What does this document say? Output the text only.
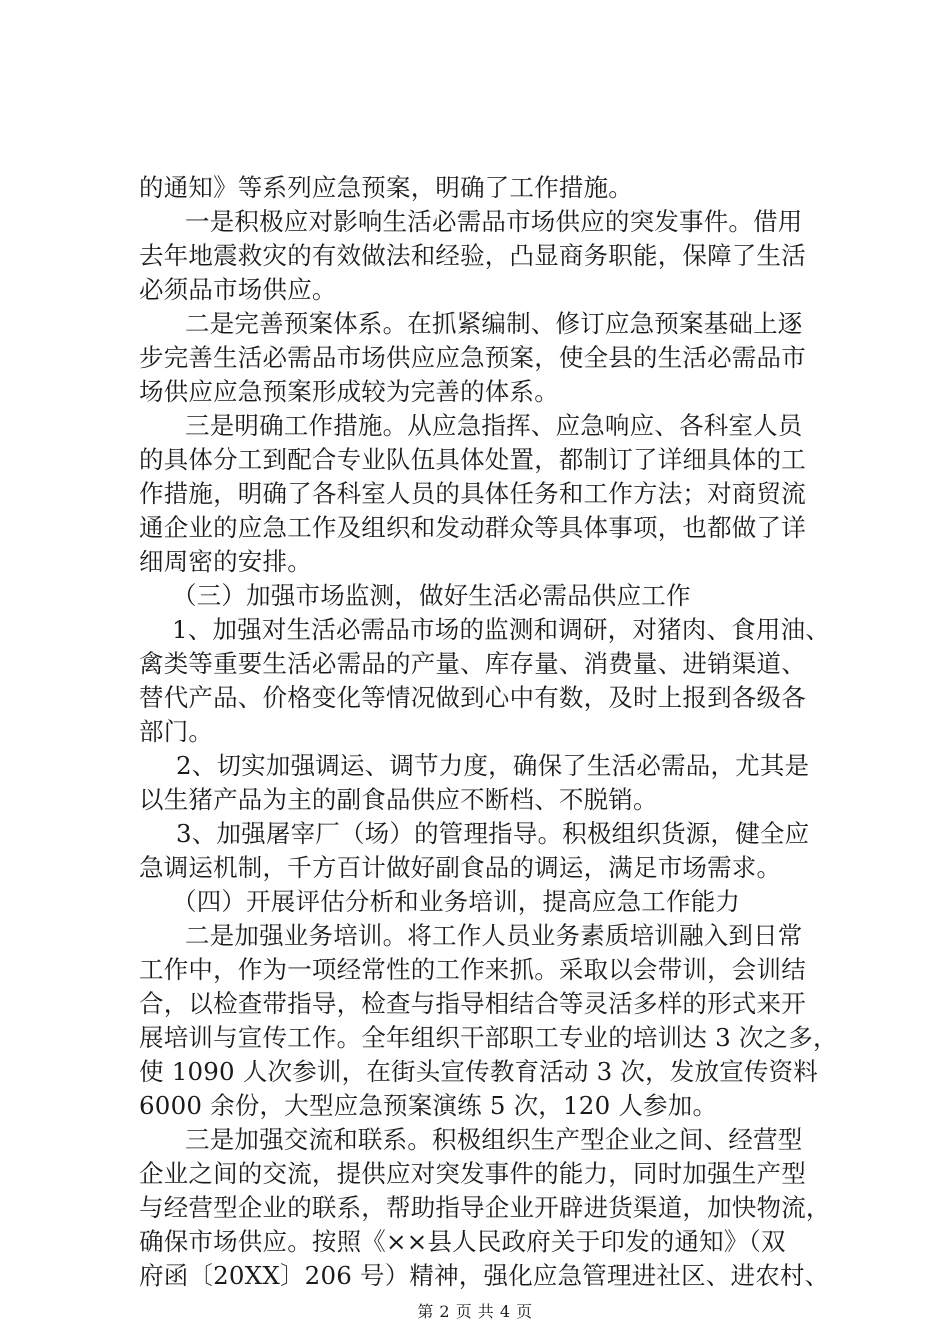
的通知》等系列应急预案，明确了工作措施。
一是积极应对影响生活必需品市场供应的突发事件。借用
去年地震救灾的有效做法和经验，凸显商务职能，保障了生活
必须品市场供应。
二是完善预案体系。在抓紧编制、修订应急预案基础上逐
步完善生活必需品市场供应应急预案，使全县的生活必需品市
场供应应急预案形成较为完善的体系。
三是明确工作措施。从应急指挥、应急响应、各科室人员
的具体分工到配合专业队伍具体处置，都制订了详细具体的工
作措施，明确了各科室人员的具体任务和工作方法；对商贸流
通企业的应急工作及组织和发动群众等具体事项，也都做了详
细周密的安排。
（三）加强市场监测，做好生活必需品供应工作
1、加强对生活必需品市场的监测和调研，对猪肉、食用油、
禽类等重要生活必需品的产量、库存量、消费量、进销渠道、
替代产品、价格变化等情况做到心中有数，及时上报到各级各
部门。
2、切实加强调运、调节力度，确保了生活必需品，尤其是
以生猪产品为主的副食品供应不断档、不脱销。
3、加强屠宰厂（场）的管理指导。积极组织货源，健全应
急调运机制，千方百计做好副食品的调运，满足市场需求。
（四）开展评估分析和业务培训，提高应急工作能力
二是加强业务培训。将工作人员业务素质培训融入到日常
工作中，作为一项经常性的工作来抓。采取以会带训，会训结
合，以检查带指导，检查与指导相结合等灵活多样的形式来开
展培训与宣传工作。全年组织干部职工专业的培训达 3 次之多，
使 1090 人次参训，在街头宣传教育活动 3 次，发放宣传资料
6000 余份，大型应急预案演练 5 次，120 人参加。
三是加强交流和联系。积极组织生产型企业之间、经营型
企业之间的交流，提供应对突发事件的能力，同时加强生产型
与经营型企业的联系，帮助指导企业开辟进货渠道，加快物流，
确保市场供应。按照《××县人民政府关于印发的通知》（双
府函〔20XX〕206 号）精神，强化应急管理进社区、进农村、
第 2 页 共 4 页
